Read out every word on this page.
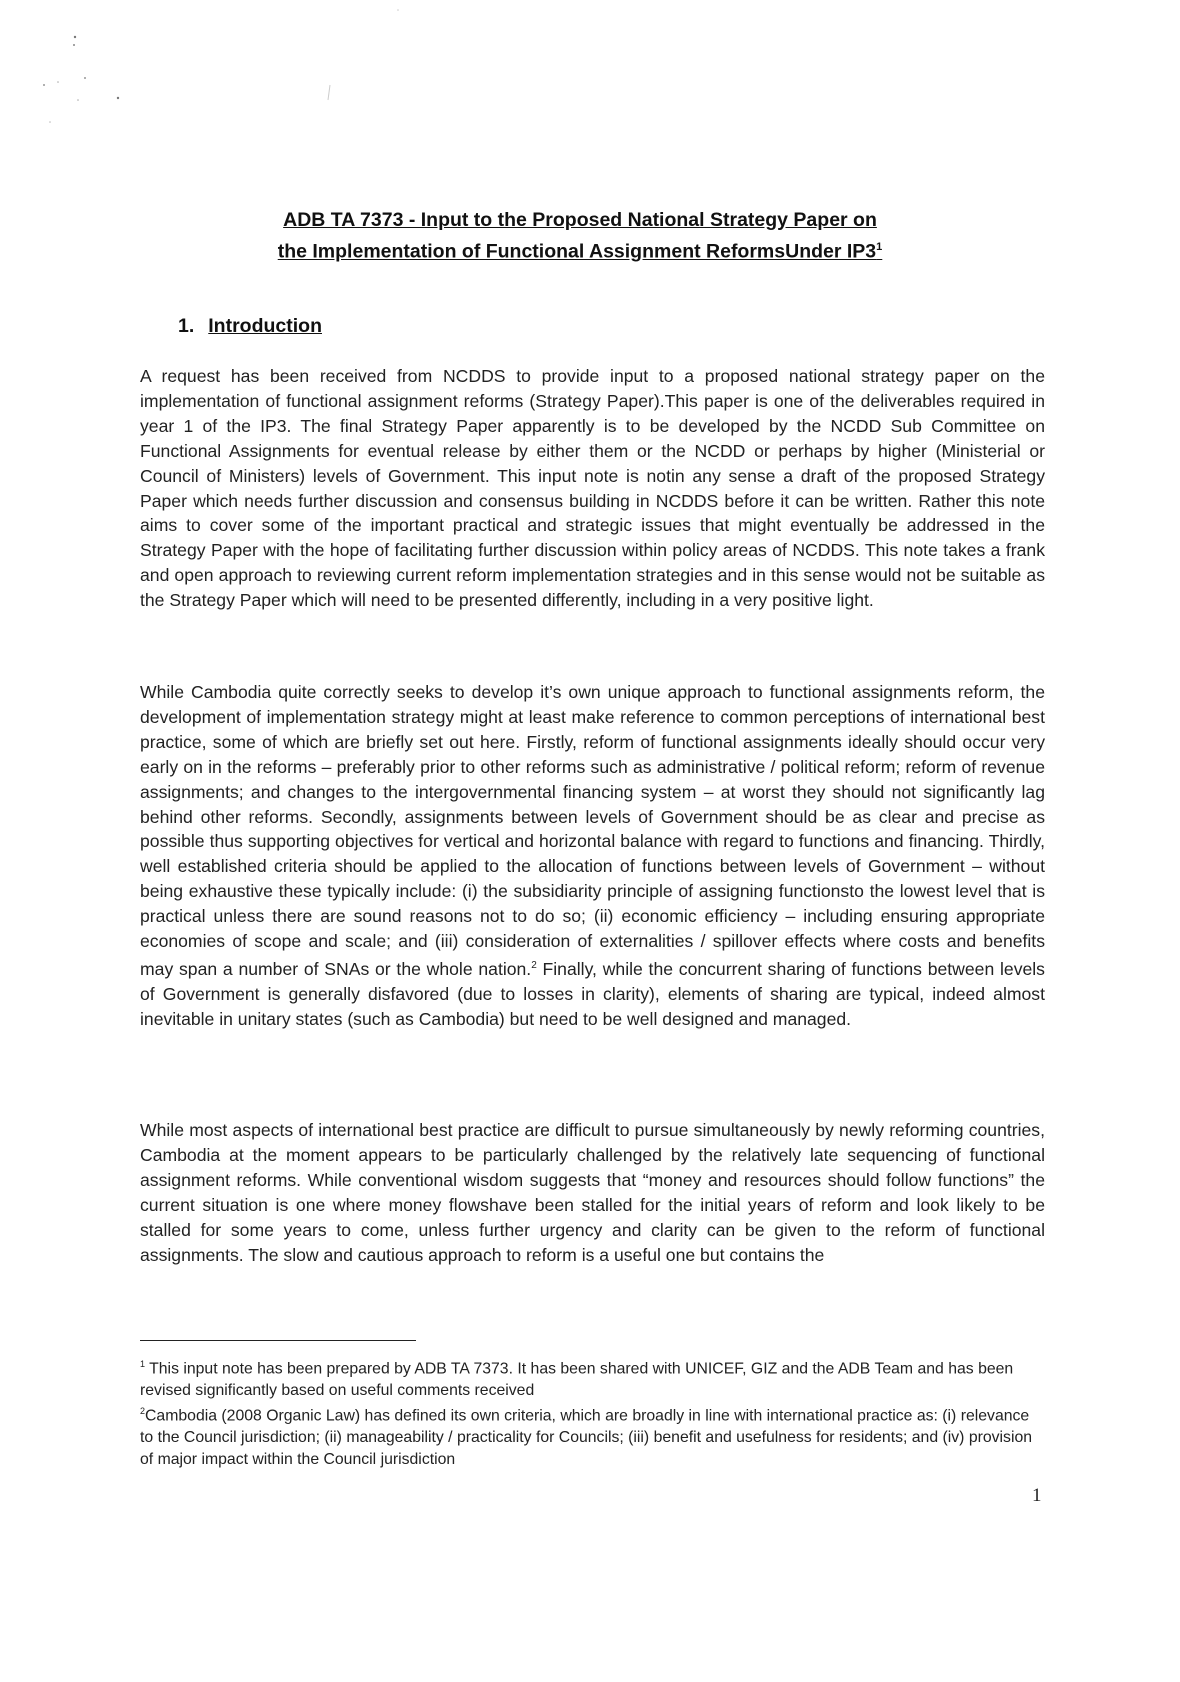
ADB TA 7373 - Input to the Proposed National Strategy Paper on
the Implementation of Functional Assignment ReformsUnder $IP3^1$
1. Introduction
A request has been received from NCDDS to provide input to a proposed national strategy paper on the implementation of functional assignment reforms (Strategy Paper).This paper is one of the deliverables required in year 1 of the IP3. The final Strategy Paper apparently is to be developed by the NCDD Sub Committee on Functional Assignments for eventual release by either them or the NCDD or perhaps by higher (Ministerial or Council of Ministers) levels of Government. This input note is notin any sense a draft of the proposed Strategy Paper which needs further discussion and consensus building in NCDDS before it can be written. Rather this note aims to cover some of the important practical and strategic issues that might eventually be addressed in the Strategy Paper with the hope of facilitating further discussion within policy areas of NCDDS. This note takes a frank and open approach to reviewing current reform implementation strategies and in this sense would not be suitable as the Strategy Paper which will need to be presented differently, including in a very positive light.
While Cambodia quite correctly seeks to develop it’s own unique approach to functional assignments reform, the development of implementation strategy might at least make reference to common perceptions of international best practice, some of which are briefly set out here. Firstly, reform of functional assignments ideally should occur very early on in the reforms – preferably prior to other reforms such as administrative / political reform; reform of revenue assignments; and changes to the intergovernmental financing system – at worst they should not significantly lag behind other reforms. Secondly, assignments between levels of Government should be as clear and precise as possible thus supporting objectives for vertical and horizontal balance with regard to functions and financing. Thirdly, well established criteria should be applied to the allocation of functions between levels of Government – without being exhaustive these typically include: (i) the subsidiarity principle of assigning functionsto the lowest level that is practical unless there are sound reasons not to do so; (ii) economic efficiency – including ensuring appropriate economies of scope and scale; and (iii) consideration of externalities / spillover effects where costs and benefits may span a number of SNAs or the whole nation.$^2$ Finally, while the concurrent sharing of functions between levels of Government is generally disfavored (due to losses in clarity), elements of sharing are typical, indeed almost inevitable in unitary states (such as Cambodia) but need to be well designed and managed.
While most aspects of international best practice are difficult to pursue simultaneously by newly reforming countries, Cambodia at the moment appears to be particularly challenged by the relatively late sequencing of functional assignment reforms. While conventional wisdom suggests that “money and resources should follow functions” the current situation is one where money flowshave been stalled for the initial years of reform and look likely to be stalled for some years to come, unless further urgency and clarity can be given to the reform of functional assignments. The slow and cautious approach to reform is a useful one but contains the

$^1$ This input note has been prepared by ADB TA 7373. It has been shared with UNICEF, GIZ and the ADB Team and has been revised significantly based on useful comments received

$^2$Cambodia (2008 Organic Law) has defined its own criteria, which are broadly in line with international practice as: (i) relevance to the Council jurisdiction; (ii) manageability / practicality for Councils; (iii) benefit and usefulness for residents; and (iv) provision of major impact within the Council jurisdiction

1
